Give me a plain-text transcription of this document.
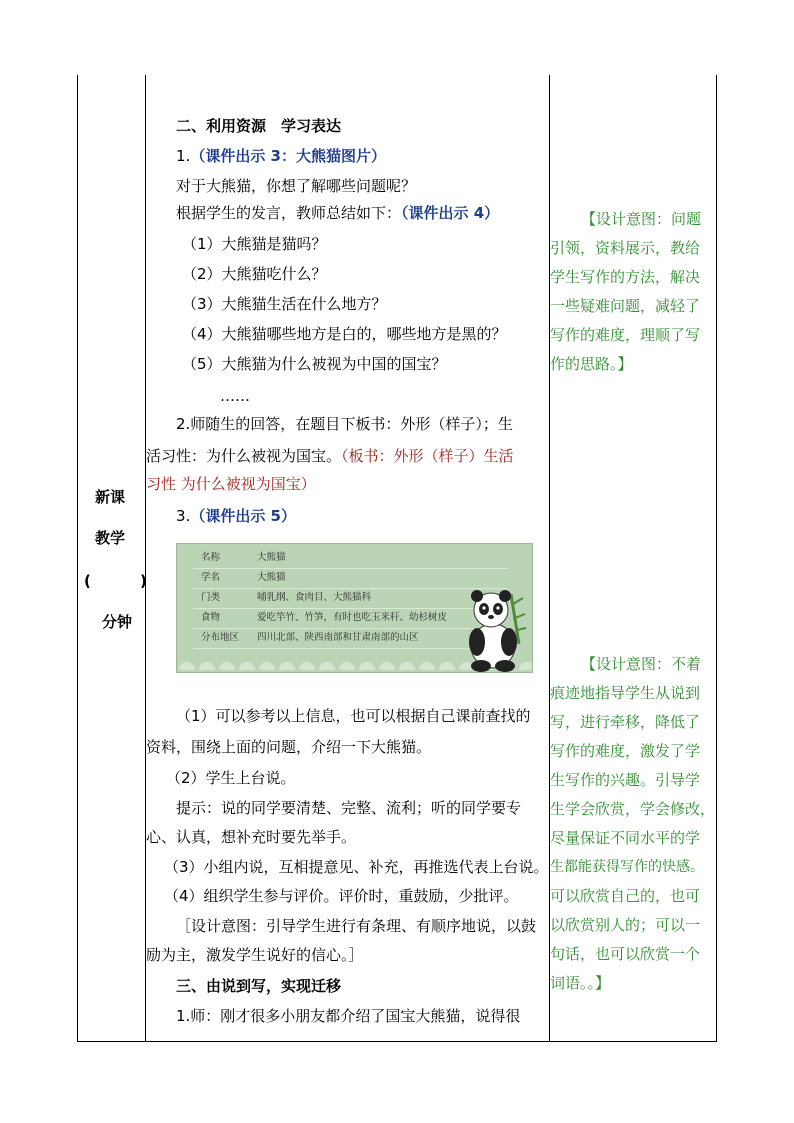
新课
教学
(	)
分钟
二、利用资源　学习表达
1.（课件出示 3：大熊猫图片）
对于大熊猫，你想了解哪些问题呢？
根据学生的发言，教师总结如下：（课件出示 4）
（1）大熊猫是猫吗？
（2）大熊猫吃什么？
（3）大熊猫生活在什么地方？
（4）大熊猫哪些地方是白的，哪些地方是黑的？
（5）大熊猫为什么被视为中国的国宝？
……
2.师随生的回答，在题目下板书：外形（样子）；生
活习性：为什么被视为国宝。（板书：外形（样子）生活
习性 为什么被视为国宝）
3.（课件出示 5）
名称	大熊猫
学名	大熊猫
门类	哺乳纲、食肉目、大熊猫科
食物	爱吃竿竹、竹笋，有时也吃玉米秆、幼杉树皮
分布地区	四川北部、陕西南部和甘肃南部的山区
（1）可以参考以上信息，也可以根据自己课前查找的
资料，围绕上面的问题，介绍一下大熊猫。
（2）学生上台说。
提示：说的同学要清楚、完整、流利；听的同学要专
心、认真，想补充时要先举手。
（3）小组内说，互相提意见、补充，再推选代表上台说。
（4）组织学生参与评价。评价时，重鼓励，少批评。
［设计意图：引导学生进行有条理、有顺序地说，以鼓
励为主，激发学生说好的信心。］
三、由说到写，实现迁移
1.师：刚才很多小朋友都介绍了国宝大熊猫，说得很
【设计意图：问题
引领，资料展示，教给
学生写作的方法，解决
一些疑难问题，减轻了
写作的难度，理顺了写
作的思路。】
【设计意图：不着
痕迹地指导学生从说到
写，进行牵移，降低了
写作的难度，激发了学
生写作的兴趣。引导学
生学会欣赏，学会修改，
尽量保证不同水平的学
生都能获得写作的快感。
可以欣赏自己的，也可
以欣赏别人的；可以一
句话，也可以欣赏一个
词语。。】
